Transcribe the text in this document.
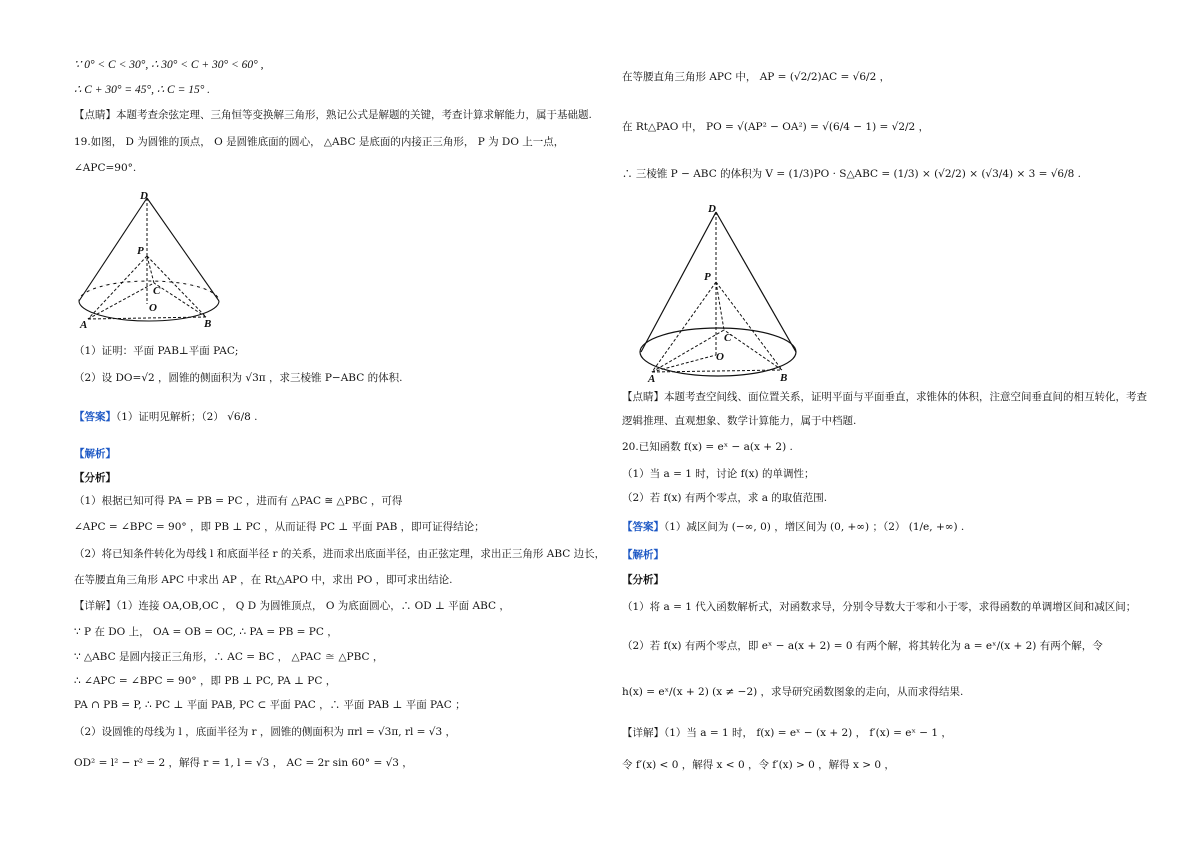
∵ 0° < C < 30°, ∴ 30° < C + 30° < 60° ,
∴ C + 30° = 45°, ∴ C = 15° .
【点睛】本题考查余弦定理、三角恒等变换解三角形，熟记公式是解题的关键，考查计算求解能力，属于基础题.
19.如图， D 为圆锥的顶点， O 是圆锥底面的圆心， △ABC 是底面的内接正三角形， P 为 DO 上一点，
∠APC=90°.
D
P
C
O
A	B
（1）证明：平面 PAB⊥平面 PAC;
（2）设 DO=√2 ，圆锥的侧面积为 √3π ，求三棱锥 P−ABC 的体积.
【答案】（1）证明见解析；（2） √6/8 .
【解析】
【分析】
（1）根据已知可得 PA = PB = PC ，进而有 △PAC ≅ △PBC ，可得
∠APC = ∠BPC = 90° ，即 PB ⊥ PC ，从而证得 PC ⊥ 平面 PAB ，即可证得结论；
（2）将已知条件转化为母线 l 和底面半径 r 的关系，进而求出底面半径，由正弦定理，求出正三角形 ABC 边长，
在等腰直角三角形 APC 中求出 AP ，在 Rt△APO 中，求出 PO ，即可求出结论.
【详解】（1）连接 OA,OB,OC ， Q D 为圆锥顶点， O 为底面圆心，∴ OD ⊥ 平面 ABC ，
∵ P 在 DO 上， OA = OB = OC, ∴ PA = PB = PC ，
∵ △ABC 是圆内接正三角形，∴ AC = BC ， △PAC ≅ △PBC ，
∴ ∠APC = ∠BPC = 90° ，即 PB ⊥ PC, PA ⊥ PC ，
PA ∩ PB = P, ∴ PC ⊥ 平面 PAB, PC ⊂ 平面 PAC ，∴ 平面 PAB ⊥ 平面 PAC ；
（2）设圆锥的母线为 l ，底面半径为 r ，圆锥的侧面积为 πrl = √3π, rl = √3 ，
OD² = l² − r² = 2 ，解得 r = 1, l = √3 ， AC = 2r sin 60° = √3 ，
在等腰直角三角形 APC 中， AP = (√2/2)AC = √6/2 ，
在 Rt△PAO 中， PO = √(AP² − OA²) = √(6/4 − 1) = √2/2 ，
∴ 三棱锥 P − ABC 的体积为 V = (1/3)PO · S△ABC = (1/3) × (√2/2) × (√3/4) × 3 = √6/8 .
D
P
C
O
A	B
【点睛】本题考查空间线、面位置关系，证明平面与平面垂直，求锥体的体积，注意空间垂直间的相互转化，考查
逻辑推理、直观想象、数学计算能力，属于中档题.
20.已知函数 f(x) = eˣ − a(x + 2) .
（1）当 a = 1 时，讨论 f(x) 的单调性；
（2）若 f(x) 有两个零点，求 a 的取值范围.
【答案】（1）减区间为 (−∞, 0) ，增区间为 (0, +∞) ；（2） (1/e, +∞) .
【解析】
【分析】
（1）将 a = 1 代入函数解析式，对函数求导，分别令导数大于零和小于零，求得函数的单调增区间和减区间；
（2）若 f(x) 有两个零点，即 eˣ − a(x + 2) = 0 有两个解，将其转化为 a = eˣ/(x + 2) 有两个解，令
h(x) = eˣ/(x + 2) (x ≠ −2) ，求导研究函数图象的走向，从而求得结果.
【详解】（1）当 a = 1 时， f(x) = eˣ − (x + 2) ， f′(x) = eˣ − 1 ，
令 f′(x) < 0 ，解得 x < 0 ，令 f′(x) > 0 ，解得 x > 0 ，
